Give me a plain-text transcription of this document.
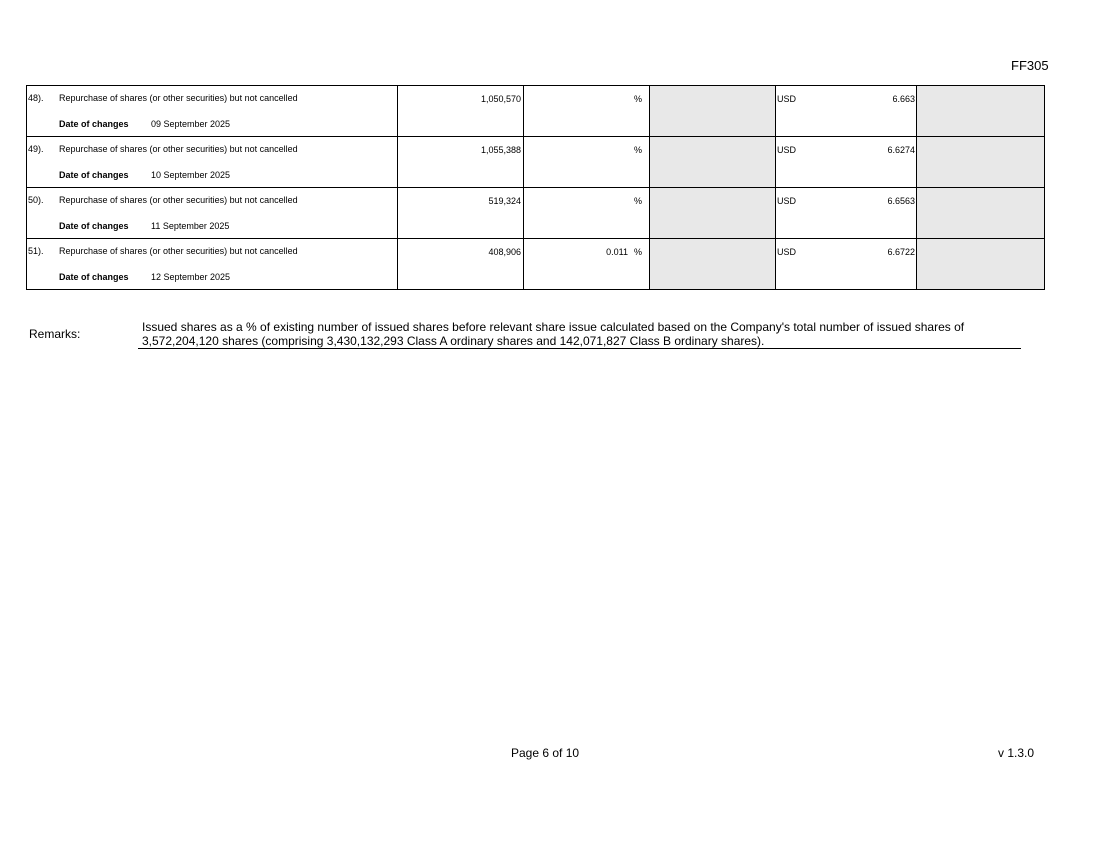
FF305
48). Repurchase of shares (or other securities) but not cancelled
Date of changes 09 September 2025	1,050,570	%		USD 6.663	

49). Repurchase of shares (or other securities) but not cancelled
Date of changes 10 September 2025	1,055,388	%		USD 6.6274	

50). Repurchase of shares (or other securities) but not cancelled
Date of changes 11 September 2025	519,324	%		USD 6.6563	

51). Repurchase of shares (or other securities) but not cancelled
Date of changes 12 September 2025	408,906	0.011 %		USD 6.6722	

Remarks:	Issued shares as a % of existing number of issued shares before relevant share issue calculated based on the Company's total number of issued shares of
3,572,204,120 shares (comprising 3,430,132,293 Class A ordinary shares and 142,071,827 Class B ordinary shares).
Page 6 of 10	v 1.3.0
